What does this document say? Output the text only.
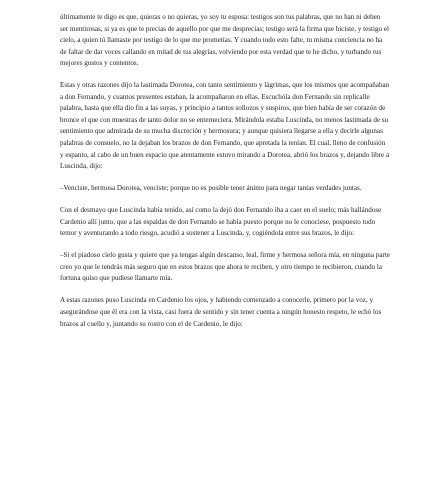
últimamente te digo es que, quieras o no quieras, yo soy tu esposa: testigos son tus palabras, que no han ni deben ser mentirosas, si ya es que te precias de aquello por que me desprecias; testigo será la firma que hiciste, y testigo el cielo, a quien tú llamaste por testigo de lo que me prometías. Y cuando todo esto falte, tu misma conciencia no ha de faltar de dar voces callando en mitad de tus alegrías, volviendo por esta verdad que te he dicho, y turbando tus mejores gustos y contentos.

Estas y otras razones dijo la lastimada Dorotea, con tanto sentimiento y lágrimas, que los mismos que acompañaban a don Fernando, y cuantos presentes estaban, la acompañaron en ellas. Escuchóla don Fernando sin replicalle palabra, hasta que ella dio fin a las suyas, y principio a tantos sollozos y suspiros, que bien había de ser corazón de bronce el que con muestras de tanto dolor no se enterneciera. Mirándola estaba Luscinda, no menos lastimada de su sentimiento que admirada de su mucha discreción y hermosura; y aunque quisiera llegarse a ella y decirle algunas palabras de consuelo, no la dejaban los brazos de don Fernando, que apretada la tenían. El cual, lleno de confusión y espanto, al cabo de un buen espacio que atentamente estuvo mirando a Dorotea, abrió los brazos y, dejando libre a Luscinda, dijo:

–Venciste, hermosa Dorotea, venciste; porque no es posible tener ánimo para negar tantas verdades juntas.

Con el desmayo que Luscinda había tenido, así como la dejó don Fernando iba a caer en el suelo; más hallándose Cardenio allí junto, que a las espaldas de don Fernando se había puesto porque no le conociese, pospuesto todo temor y aventurando a todo riesgo, acudió a sostener a Luscinda, y, cogiéndola entre sus brazos, le dijo:

–Si el piadoso cielo gusta y quiere que ya tengas algún descanso, leal, firme y hermosa señora mía, en ninguna parte creo yo que le tendrás más seguro que en estos brazos que ahora te reciben, y otro tiempo te recibieron, cuando la fortuna quiso que pudiese llamarte mía.

A estas razones puso Luscinda en Cardenio los ojos, y habiendo comenzado a conocerle, primero por la voz, y asegurándose que él era con la vista, casi fuera de sentido y sin tener cuenta a ningún honesto respeto, le echó los brazos al cuello y, juntando su rostro con el de Cardenio, le dijo:
